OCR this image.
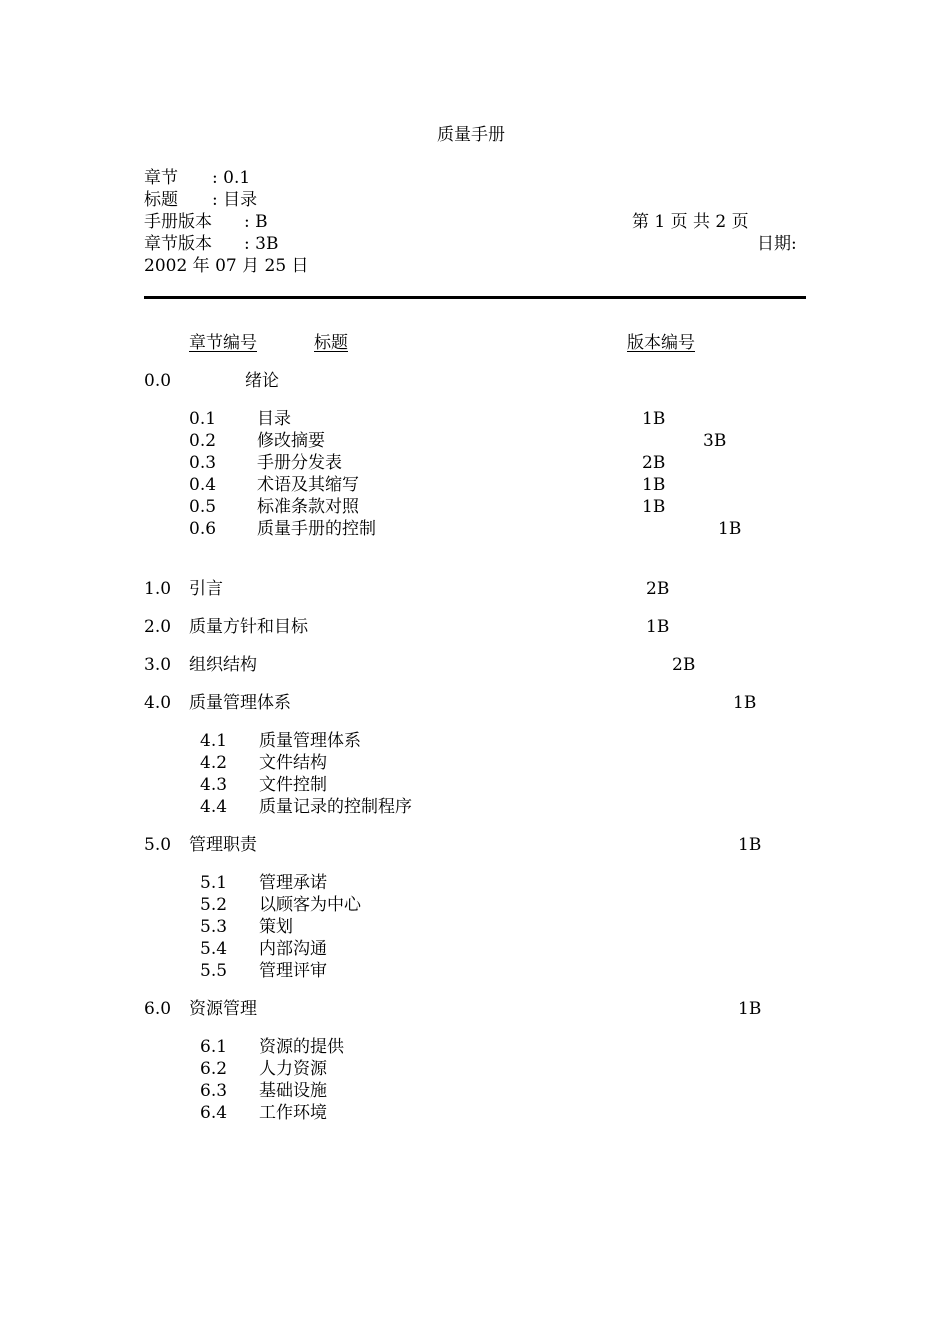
质量手册
章节 : 0.1
标题 : 目录
手册版本 : B	第 1 页 共 2 页
章节版本 : 3B	日期:
2002 年 07 月 25 日
章节编号	标题	版本编号
0.0	绪论
0.1 目录	1B
0.2 修改摘要	3B
0.3 手册分发表	2B
0.4 术语及其缩写	1B
0.5 标准条款对照	1B
0.6 质量手册的控制	1B
1.0 引言	2B
2.0 质量方针和目标	1B
3.0 组织结构	2B
4.0 质量管理体系	1B
4.1 质量管理体系
4.2 文件结构
4.3 文件控制
4.4 质量记录的控制程序
5.0 管理职责	1B
5.1 管理承诺
5.2 以顾客为中心
5.3 策划
5.4 内部沟通
5.5 管理评审
6.0 资源管理	1B
6.1 资源的提供
6.2 人力资源
6.3 基础设施
6.4 工作环境
